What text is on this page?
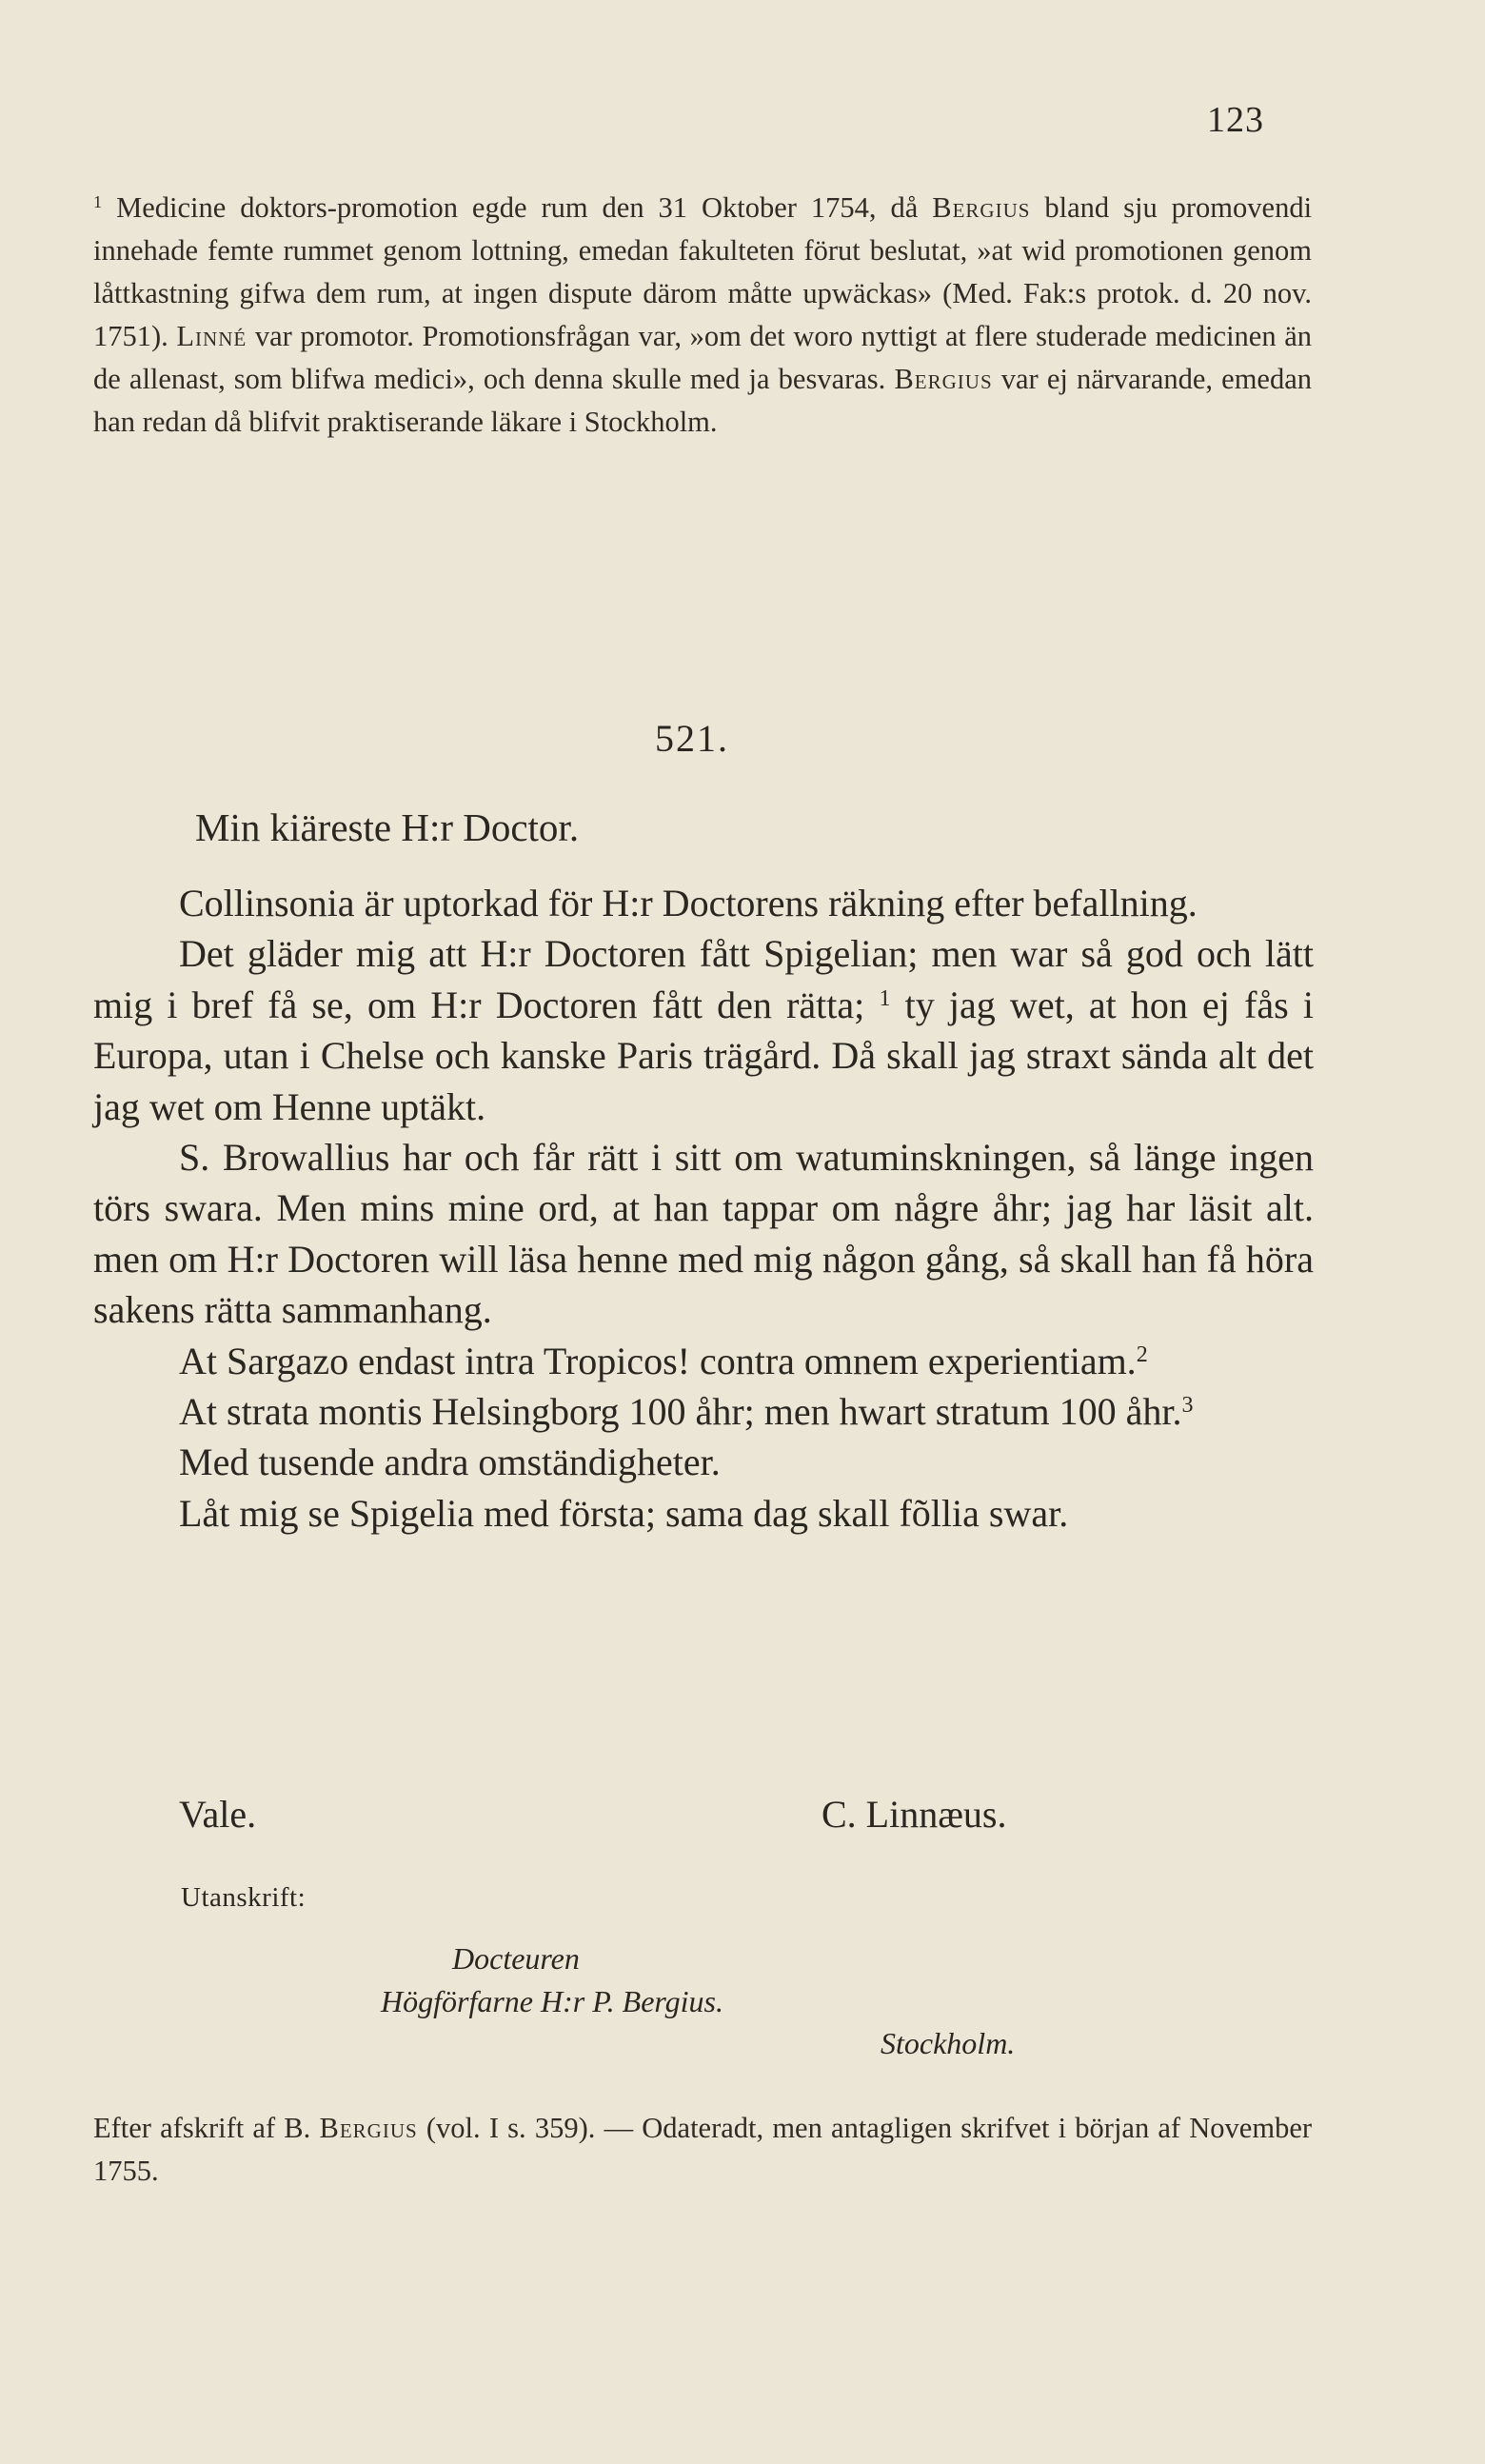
123
$^1$ Medicine doktors-promotion egde rum den 31 Oktober 1754, då Bergius bland sju promovendi innehade femte rummet genom lottning, emedan fakulteten förut beslutat, »at wid promotionen genom låttkastning gifwa dem rum, at ingen dispute därom måtte upwäckas» (Med. Fak:s protok. d. 20 nov. 1751). Linné var promotor. Promotionsfrågan var, »om det woro nyttigt at flere studerade medicinen än de allenast, som blifwa medici», och denna skulle med ja besvaras. Bergius var ej närvarande, emedan han redan då blifvit praktiserande läkare i Stockholm.
521.
Min kiäreste H:r Doctor.

Collinsonia är uptorkad för H:r Doctorens räkning efter befallning.

Det gläder mig att H:r Doctoren fått Spigelian; men war så god och lätt mig i bref få se, om H:r Doctoren fått den rätta; $^1$ ty jag wet, at hon ej fås i Europa, utan i Chelse och kanske Paris trägård. Då skall jag straxt sända alt det jag wet om Henne uptäkt.

S. Browallius har och får rätt i sitt om watuminskningen, så länge ingen törs swara. Men mins mine ord, at han tappar om någre åhr; jag har läsit alt. men om H:r Doctoren will läsa henne med mig någon gång, så skall han få höra sakens rätta sammanhang.

At Sargazo endast intra Tropicos! contra omnem experientiam.$^2$

At strata montis Helsingborg 100 åhr; men hwart stratum 100 åhr.$^3$

Med tusende andra omständigheter.

Låt mig se Spigelia med första; sama dag skall fõllia swar.

Vale.	C. Linnæus.
Utanskrift:
Docteuren
Högförfarne H:r P. Bergius.
Stockholm.
Efter afskrift af B. Bergius (vol. I s. 359). — Odateradt, men antagligen skrifvet i början af November 1755.
